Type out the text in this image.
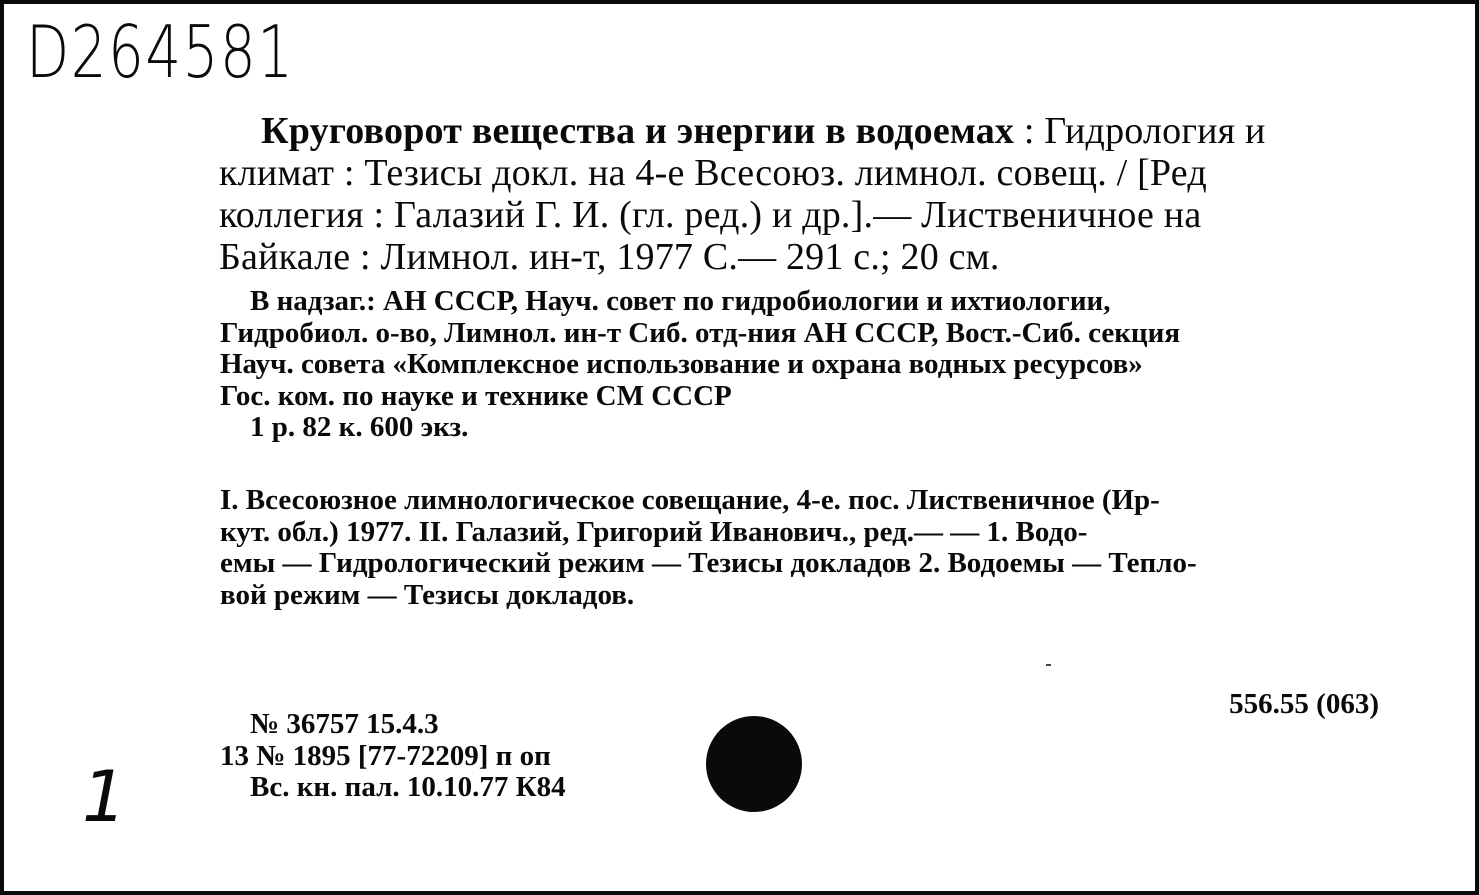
D264581
Круговорот вещества и энергии в водоемах : Гидрология и
климат : Тезисы докл. на 4-е Всесоюз. лимнол. совещ. / [Ред
коллегия : Галазий Г. И. (гл. ред.) и др.].— Лиственичное на
Байкале : Лимнол. ин-т, 1977 С.— 291 с.; 20 см.
В надзаг.: АН СССР, Науч. совет по гидробиологии и ихтиологии,
Гидробиол. о-во, Лимнол. ин-т Сиб. отд-ния АН СССР, Вост.-Сиб. секция
Науч. совета «Комплексное использование и охрана водных ресурсов»
Гос. ком. по науке и технике СМ СССР
1 р. 82 к. 600 экз.
I. Всесоюзное лимнологическое совещание, 4-е. пос. Лиственичное (Ир-
кут. обл.) 1977. II. Галазий, Григорий Иванович., ред.— — 1. Водо-
емы — Гидрологический режим — Тезисы докладов 2. Водоемы — Тепло-
вой режим — Тезисы докладов.
556.55 (063)
№ 36757 15.4.3
13 № 1895 [77-72209] п оп
Вс. кн. пал. 10.10.77 К84
1
